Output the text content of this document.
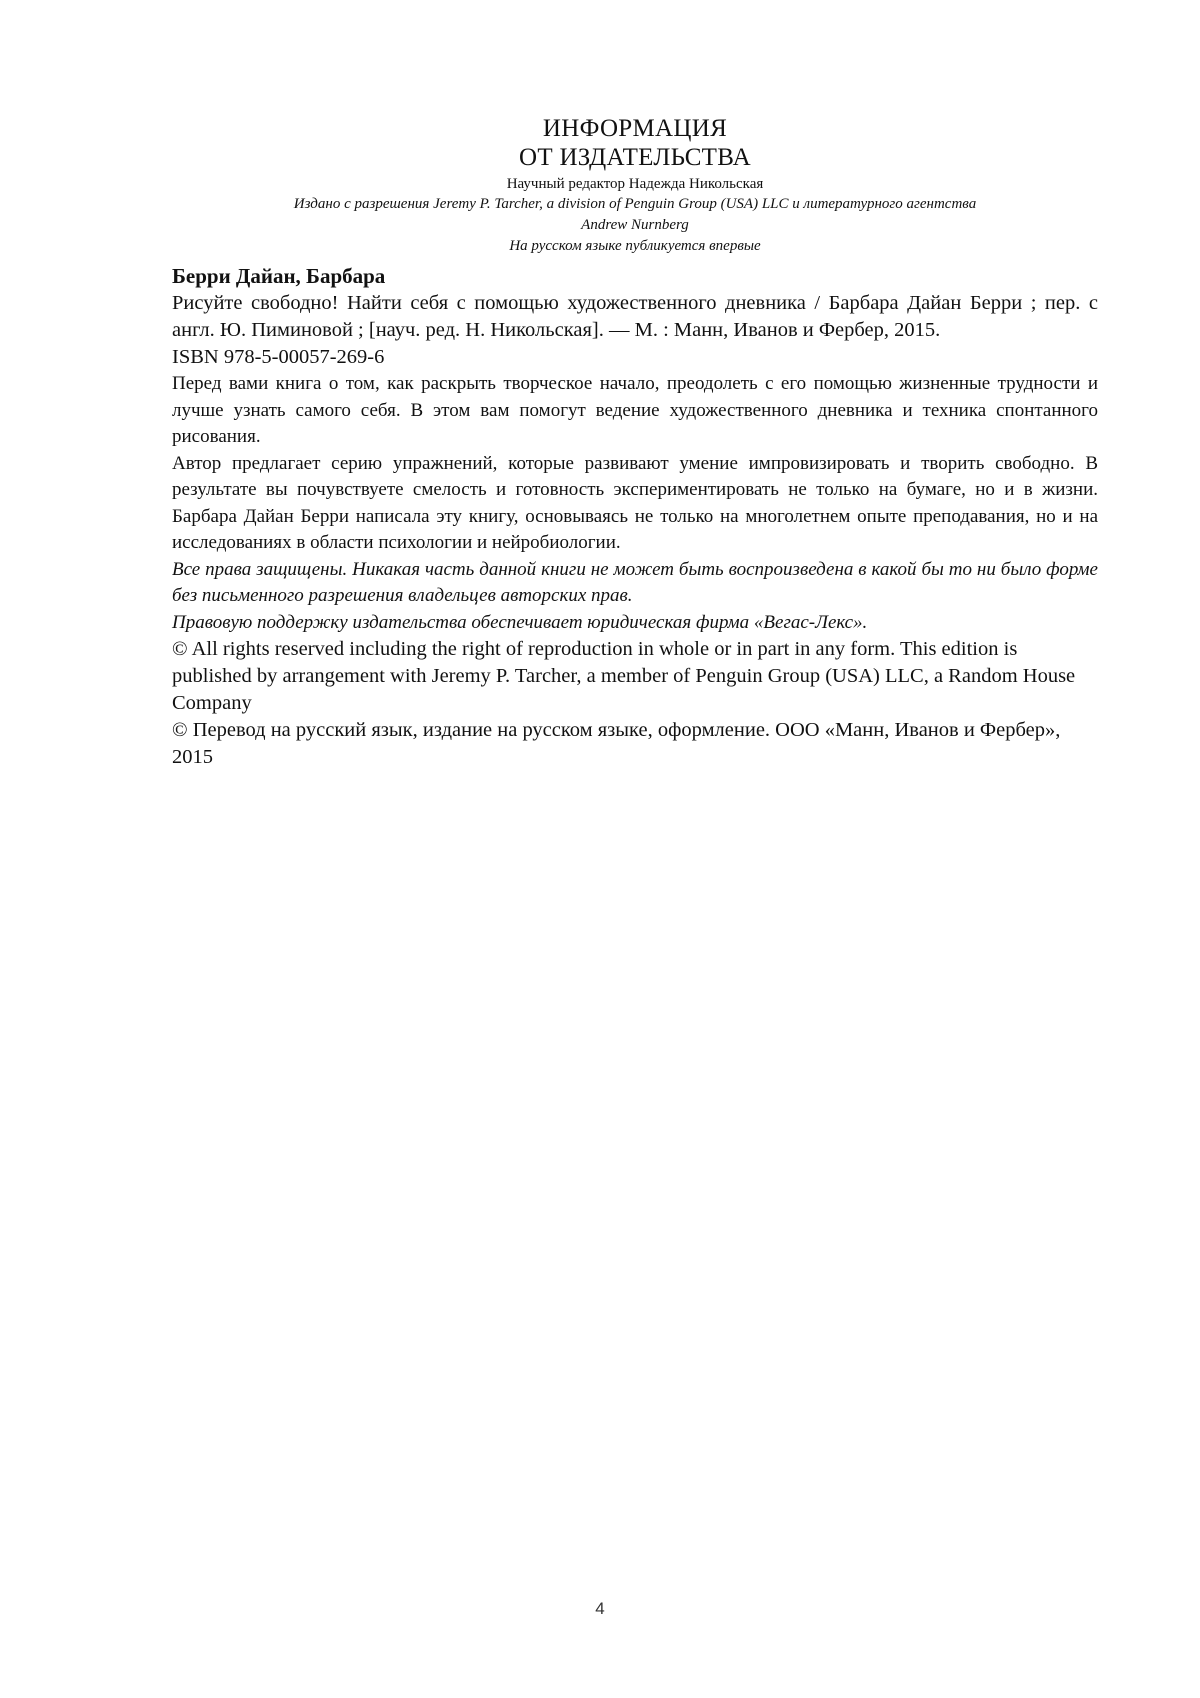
ИНФОРМАЦИЯ
ОТ ИЗДАТЕЛЬСТВА
Научный редактор Надежда Никольская
Издано с разрешения Jeremy P. Tarcher, a division of Penguin Group (USA) LLC и литературного агентства
Andrew Nurnberg
На русском языке публикуется впервые
Берри Дайан, Барбара

Рисуйте свободно! Найти себя с помощью художественного дневника / Барбара Дайан Берри ; пер. с англ. Ю. Пиминовой ; [науч. ред. Н. Никольская]. — М. : Манн, Иванов и Фербер, 2015.

ISBN 978-5-00057-269-6

Перед вами книга о том, как раскрыть творческое начало, преодолеть с его помощью жизненные трудности и лучше узнать самого себя. В этом вам помогут ведение художественного дневника и техника спонтанного рисования.

Автор предлагает серию упражнений, которые развивают умение импровизировать и творить свободно. В результате вы почувствуете смелость и готовность экспериментировать не только на бумаге, но и в жизни. Барбара Дайан Берри написала эту книгу, основываясь не только на многолетнем опыте преподавания, но и на исследованиях в области психологии и нейробиологии.

Все права защищены. Никакая часть данной книги не может быть воспроизведена в какой бы то ни было форме без письменного разрешения владельцев авторских прав.

Правовую поддержку издательства обеспечивает юридическая фирма «Вегас-Лекс».

© All rights reserved including the right of reproduction in whole or in part in any form. This edition is published by arrangement with Jeremy P. Tarcher, a member of Penguin Group (USA) LLC, a Random House Company

© Перевод на русский язык, издание на русском языке, оформление. ООО «Манн, Иванов и Фербер», 2015

4
